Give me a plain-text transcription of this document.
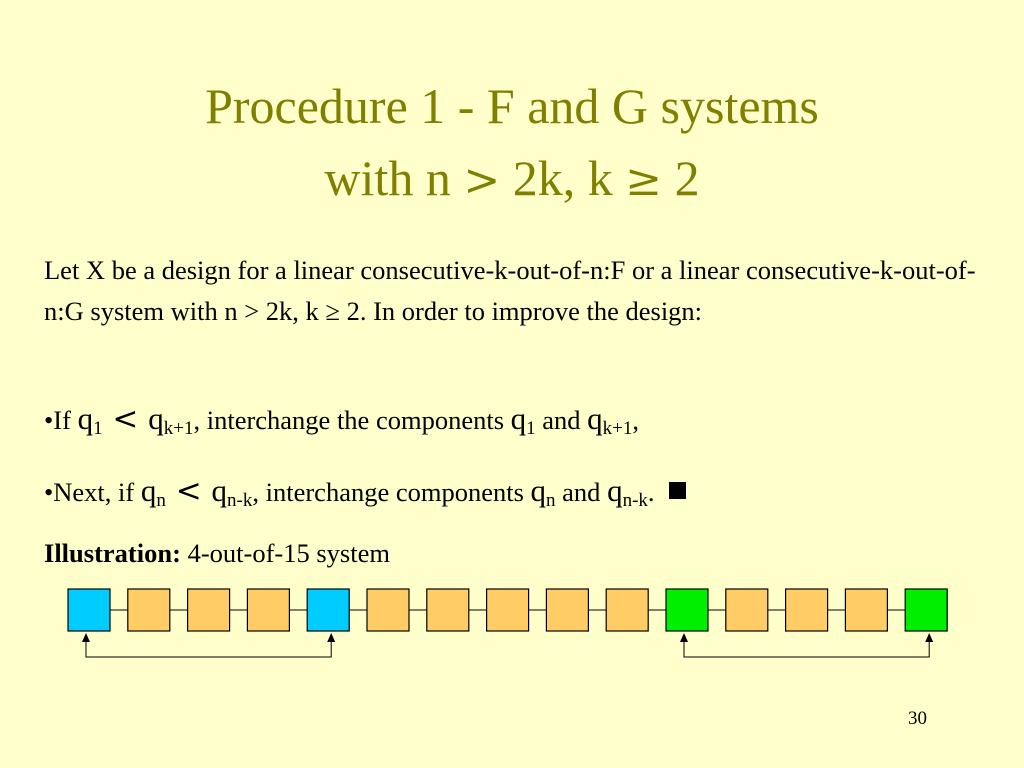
Procedure 1 - F and G systems
with n > 2k, k ≥ 2
Let X be a design for a linear consecutive-k-out-of-n:F or a linear consecutive-k-out-of-n:G system with n > 2k, k ≥ 2. In order to improve the design:
•If $q_1 < q_{k+1}$, interchange the components $q_1$ and $q_{k+1}$,
•Next, if $q_n < q_{n-k}$, interchange components $q_n$ and $q_{n-k}$.
Illustration: 4-out-of-15 system
30
